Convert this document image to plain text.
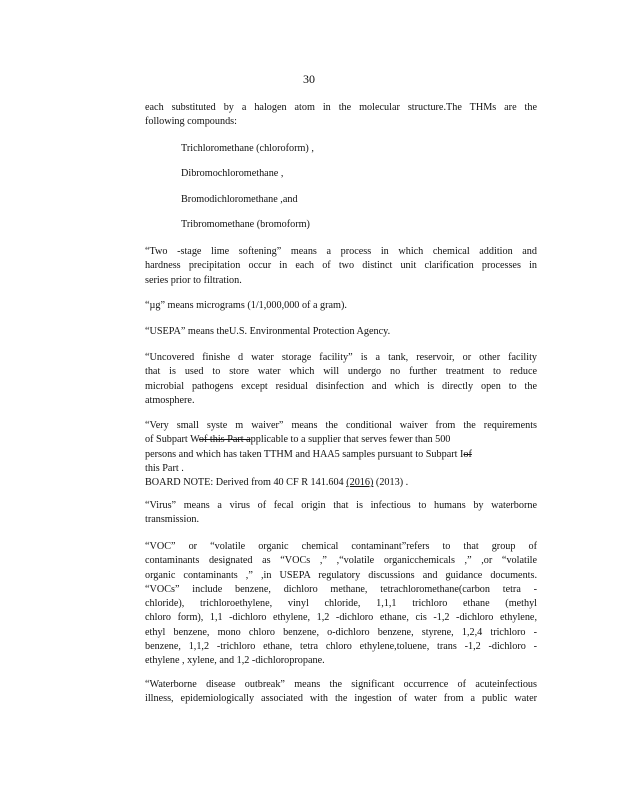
30
each substituted by a halogen atom in the molecular structure.The THMs are the
following compounds:
Trichloromethane (chloroform) ,
Dibromochloromethane ,
Bromodichloromethane ,and
Tribromomethane (bromoform)
“Two -stage lime softening” means a process in which chemical addition and
hardness precipitation occur in each of two distinct unit clarification processes in
series prior to filtration.
“µg” means micrograms (1/1,000,000 of a gram).
“USEPA” means theU.S. Environmental Protection Agency.
“Uncovered finishe d water storage facility” is a tank, reservoir, or other facility
that is used to store water which will undergo no further treatment to reduce
microbial pathogens except residual disinfection and which is directly open to the
atmosphere.
“Very small syste m waiver” means the conditional waiver from the requirements
of Subpart Wof this Part applicable to a supplier that serves fewer than 500
persons and which has taken TTHM and HAA5 samples pursuant to Subpart Iof
this Part .
BOARD NOTE: Derived from 40 CF R 141.604 (2016) (2013) .
“Virus” means a virus of fecal origin that is infectious to humans by waterborne
transmission.
“VOC” or “volatile organic chemical contaminant”refers to that group of
contaminants designated as “VOCs ,” ,“volatile organicchemicals ,” ,or “volatile
organic contaminants ,” ,in USEPA regulatory discussions and guidance documents.
“VOCs” include benzene, dichloro methane, tetrachloromethane(carbon tetra -
chloride), trichloroethylene, vinyl chloride, 1,1,1 trichloro ethane (methyl
chloro form), 1,1 -dichloro ethylene, 1,2 -dichloro ethane, cis -1,2 -dichloro ethylene,
ethyl benzene, mono chloro benzene, o-dichloro benzene, styrene, 1,2,4 trichloro -
benzene, 1,1,2 -trichloro ethane, tetra chloro ethylene,toluene, trans -1,2 -dichloro -
ethylene , xylene, and 1,2 -dichloropropane.
“Waterborne disease outbreak” means the significant occurrence of acuteinfectious
illness, epidemiologically associated with the ingestion of water from a public water
